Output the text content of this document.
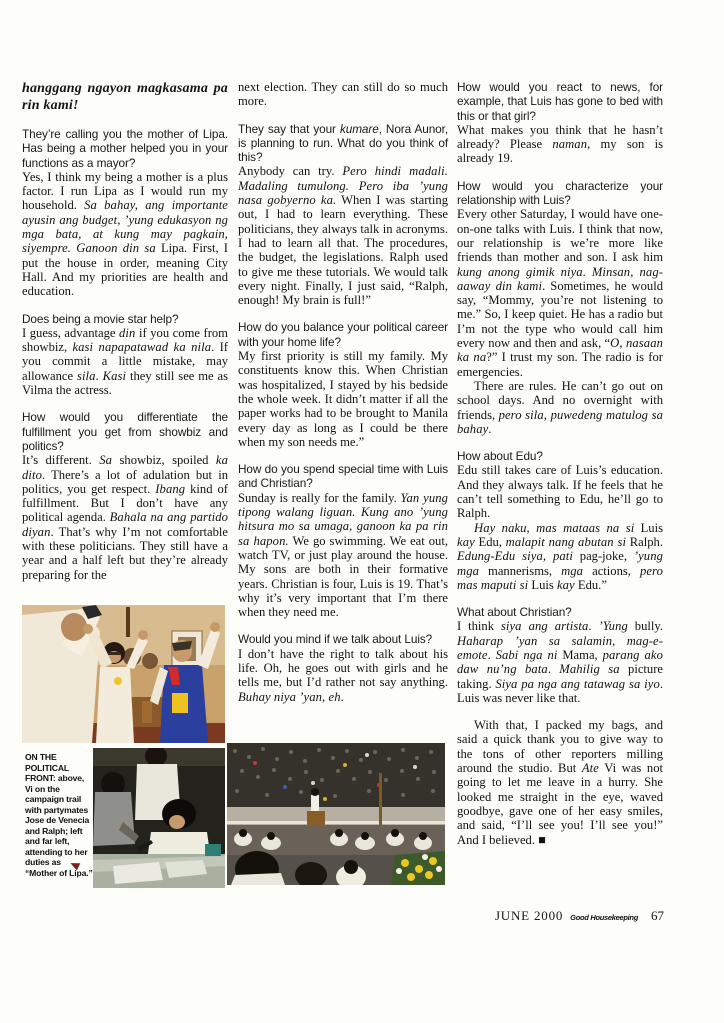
hanggang ngayon magkasama pa rin kami!
They’re calling you the mother of Lipa. Has being a mother helped you in your functions as a mayor?
Yes, I think my being a mother is a plus factor. I run Lipa as I would run my household. Sa bahay, ang importante ayusin ang budget, ’yung edukasyon ng mga bata, at kung may pagkain, siyempre. Ganoon din sa Lipa. First, I put the house in order, meaning City Hall. And my priorities are health and education.
Does being a movie star help?
I guess, advantage din if you come from showbiz, kasi napapatawad ka nila. If you commit a little mistake, may allowance sila. Kasi they still see me as Vilma the actress.
How would you differentiate the fulfillment you get from showbiz and politics?
It’s different. Sa showbiz, spoiled ka dito. There’s a lot of adulation but in politics, you get respect. Ibang kind of fulfillment. But I don’t have any political agenda. Bahala na ang partido diyan. That’s why I’m not comfortable with these politicians. They still have a year and a half left but they’re already preparing for the
next election. They can still do so much more.
They say that your kumare, Nora Aunor, is planning to run. What do you think of this?
Anybody can try. Pero hindi madali. Madaling tumulong. Pero iba ’yung nasa gobyerno ka. When I was starting out, I had to learn everything. These politicians, they always talk in acronyms. I had to learn all that. The procedures, the budget, the legislations. Ralph used to give me these tutorials. We would talk every night. Finally, I just said, “Ralph, enough! My brain is full!”
How do you balance your political career with your home life?
My first priority is still my family. My constituents know this. When Christian was hospitalized, I stayed by his bedside the whole week. It didn’t matter if all the paper works had to be brought to Manila every day as long as I could be there when my son needs me.”
How do you spend special time with Luis and Christian?
Sunday is really for the family. Yan yung tipong walang liguan. Kung ano ’yung hitsura mo sa umaga, ganoon ka pa rin sa hapon. We go swimming. We eat out, watch TV, or just play around the house. My sons are both in their formative years. Christian is four, Luis is 19. That’s why it’s very important that I’m there when they need me.
Would you mind if we talk about Luis?
I don’t have the right to talk about his life. Oh, he goes out with girls and he tells me, but I’d rather not say anything. Buhay niya ’yan, eh.
How would you react to news, for example, that Luis has gone to bed with this or that girl?
What makes you think that he hasn’t already? Please naman, my son is already 19.
How would you characterize your relationship with Luis?
Every other Saturday, I would have one-on-one talks with Luis. I think that now, our relationship is we’re more like friends than mother and son. I ask him kung anong gimik niya. Minsan, nag-aaway din kami. Sometimes, he would say, “Mommy, you’re not listening to me.” So, I keep quiet. He has a radio but I’m not the type who would call him every now and then and ask, “O, nasaan ka na?” I trust my son. The radio is for emergencies.
There are rules. He can’t go out on school days. And no overnight with friends, pero sila, puwedeng matulog sa bahay.
How about Edu?
Edu still takes care of Luis’s education. And they always talk. If he feels that he can’t tell something to Edu, he’ll go to Ralph.
Hay naku, mas mataas na si Luis kay Edu, malapit nang abutan si Ralph. Edung-Edu siya, pati pag-joke, ’yung mga mannerisms, mga actions, pero mas maputi si Luis kay Edu.”
What about Christian?
I think siya ang artista. ’Yung bully. Haharap ’yan sa salamin, mag-e-emote. Sabi nga ni Mama, parang ako daw nu’ng bata. Mahilig sa picture taking. Siya pa nga ang tatawag sa iyo. Luis was never like that.
With that, I packed my bags, and said a quick thank you to give way to the tons of other reporters milling around the studio. But Ate Vi was not going to let me leave in a hurry. She looked me straight in the eye, waved goodbye, gave one of her easy smiles, and said, “I’ll see you! I’ll see you!” And I believed. ■
ON THE POLITICAL FRONT: above, Vi on the campaign trail with partymates Jose de Venecia and Ralph; left and far left, attending to her duties as “Mother of Lipa.”
JUNE 2000 Good Housekeeping 67
